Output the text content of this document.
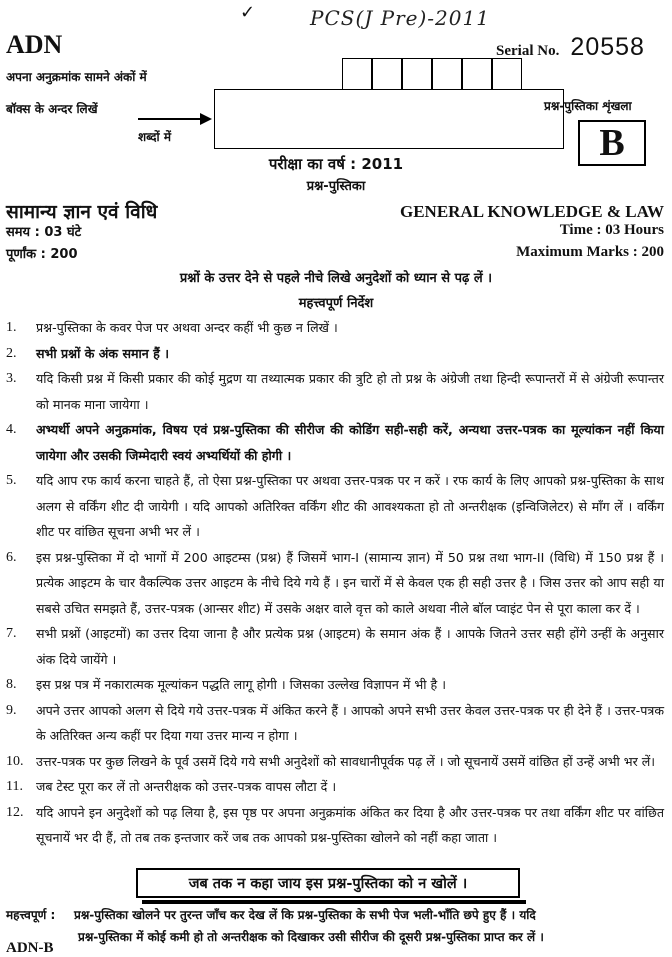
✓	PCS(J Pre)-2011
ADN	Serial No. 20558
अपना अनुक्रमांक सामने अंकों में
बॉक्स के अन्दर लिखें
शब्दों में
प्रश्न-पुस्तिका शृंखला
B
परीक्षा का वर्ष : 2011
प्रश्न-पुस्तिका
सामान्य ज्ञान एवं विधि	GENERAL KNOWLEDGE & LAW
समय : 03 घंटे	Time : 03 Hours
पूर्णांक : 200	Maximum Marks : 200
प्रश्नों के उत्तर देने से पहले नीचे लिखे अनुदेशों को ध्यान से पढ़ लें ।
महत्त्वपूर्ण निर्देश
1. प्रश्न-पुस्तिका के कवर पेज पर अथवा अन्दर कहीं भी कुछ न लिखें ।
2. सभी प्रश्नों के अंक समान हैं ।
3. यदि किसी प्रश्न में किसी प्रकार की कोई मुद्रण या तथ्यात्मक प्रकार की त्रुटि हो तो प्रश्न के अंग्रेजी तथा हिन्दी रूपान्तरों में से अंग्रेजी रूपान्तर को मानक माना जायेगा ।
4. अभ्यर्थी अपने अनुक्रमांक, विषय एवं प्रश्न-पुस्तिका की सीरीज की कोडिंग सही-सही करें, अन्यथा उत्तर-पत्रक का मूल्यांकन नहीं किया जायेगा और उसकी जिम्मेदारी स्वयं अभ्यर्थियों की होगी ।
5. यदि आप रफ कार्य करना चाहते हैं, तो ऐसा प्रश्न-पुस्तिका पर अथवा उत्तर-पत्रक पर न करें । रफ कार्य के लिए आपको प्रश्न-पुस्तिका के साथ अलग से वर्किंग शीट दी जायेगी । यदि आपको अतिरिक्त वर्किंग शीट की आवश्यकता हो तो अन्तरीक्षक (इन्विजिलेटर) से माँग लें । वर्किंग शीट पर वांछित सूचना अभी भर लें ।
6. इस प्रश्न-पुस्तिका में दो भागों में 200 आइटम्स (प्रश्न) हैं जिसमें भाग-I (सामान्य ज्ञान) में 50 प्रश्न तथा भाग-II (विधि) में 150 प्रश्न हैं । प्रत्येक आइटम के चार वैकल्पिक उत्तर आइटम के नीचे दिये गये हैं । इन चारों में से केवल एक ही सही उत्तर है । जिस उत्तर को आप सही या सबसे उचित समझते हैं, उत्तर-पत्रक (आन्सर शीट) में उसके अक्षर वाले वृत्त को काले अथवा नीले बॉल प्वाइंट पेन से पूरा काला कर दें ।
7. सभी प्रश्नों (आइटमों) का उत्तर दिया जाना है और प्रत्येक प्रश्न (आइटम) के समान अंक हैं । आपके जितने उत्तर सही होंगे उन्हीं के अनुसार अंक दिये जायेंगे ।
8. इस प्रश्न पत्र में नकारात्मक मूल्यांकन पद्धति लागू होगी । जिसका उल्लेख विज्ञापन में भी है ।
9. अपने उत्तर आपको अलग से दिये गये उत्तर-पत्रक में अंकित करने हैं । आपको अपने सभी उत्तर केवल उत्तर-पत्रक पर ही देने हैं । उत्तर-पत्रक के अतिरिक्त अन्य कहीं पर दिया गया उत्तर मान्य न होगा ।
10. उत्तर-पत्रक पर कुछ लिखने के पूर्व उसमें दिये गये सभी अनुदेशों को सावधानीपूर्वक पढ़ लें । जो सूचनायें उसमें वांछित हों उन्हें अभी भर लें।
11. जब टेस्ट पूरा कर लें तो अन्तरीक्षक को उत्तर-पत्रक वापस लौटा दें ।
12. यदि आपने इन अनुदेशों को पढ़ लिया है, इस पृष्ठ पर अपना अनुक्रमांक अंकित कर दिया है और उत्तर-पत्रक पर तथा वर्किंग शीट पर वांछित सूचनायें भर दी हैं, तो तब तक इन्तजार करें जब तक आपको प्रश्न-पुस्तिका खोलने को नहीं कहा जाता ।
जब तक न कहा जाय इस प्रश्न-पुस्तिका को न खोलें ।
महत्त्वपूर्ण : प्रश्न-पुस्तिका खोलने पर तुरन्त जाँच कर देख लें कि प्रश्न-पुस्तिका के सभी पेज भली-भाँति छपे हुए हैं । यदि
प्रश्न-पुस्तिका में कोई कमी हो तो अन्तरीक्षक को दिखाकर उसी सीरीज की दूसरी प्रश्न-पुस्तिका प्राप्त कर लें ।
ADN-B
